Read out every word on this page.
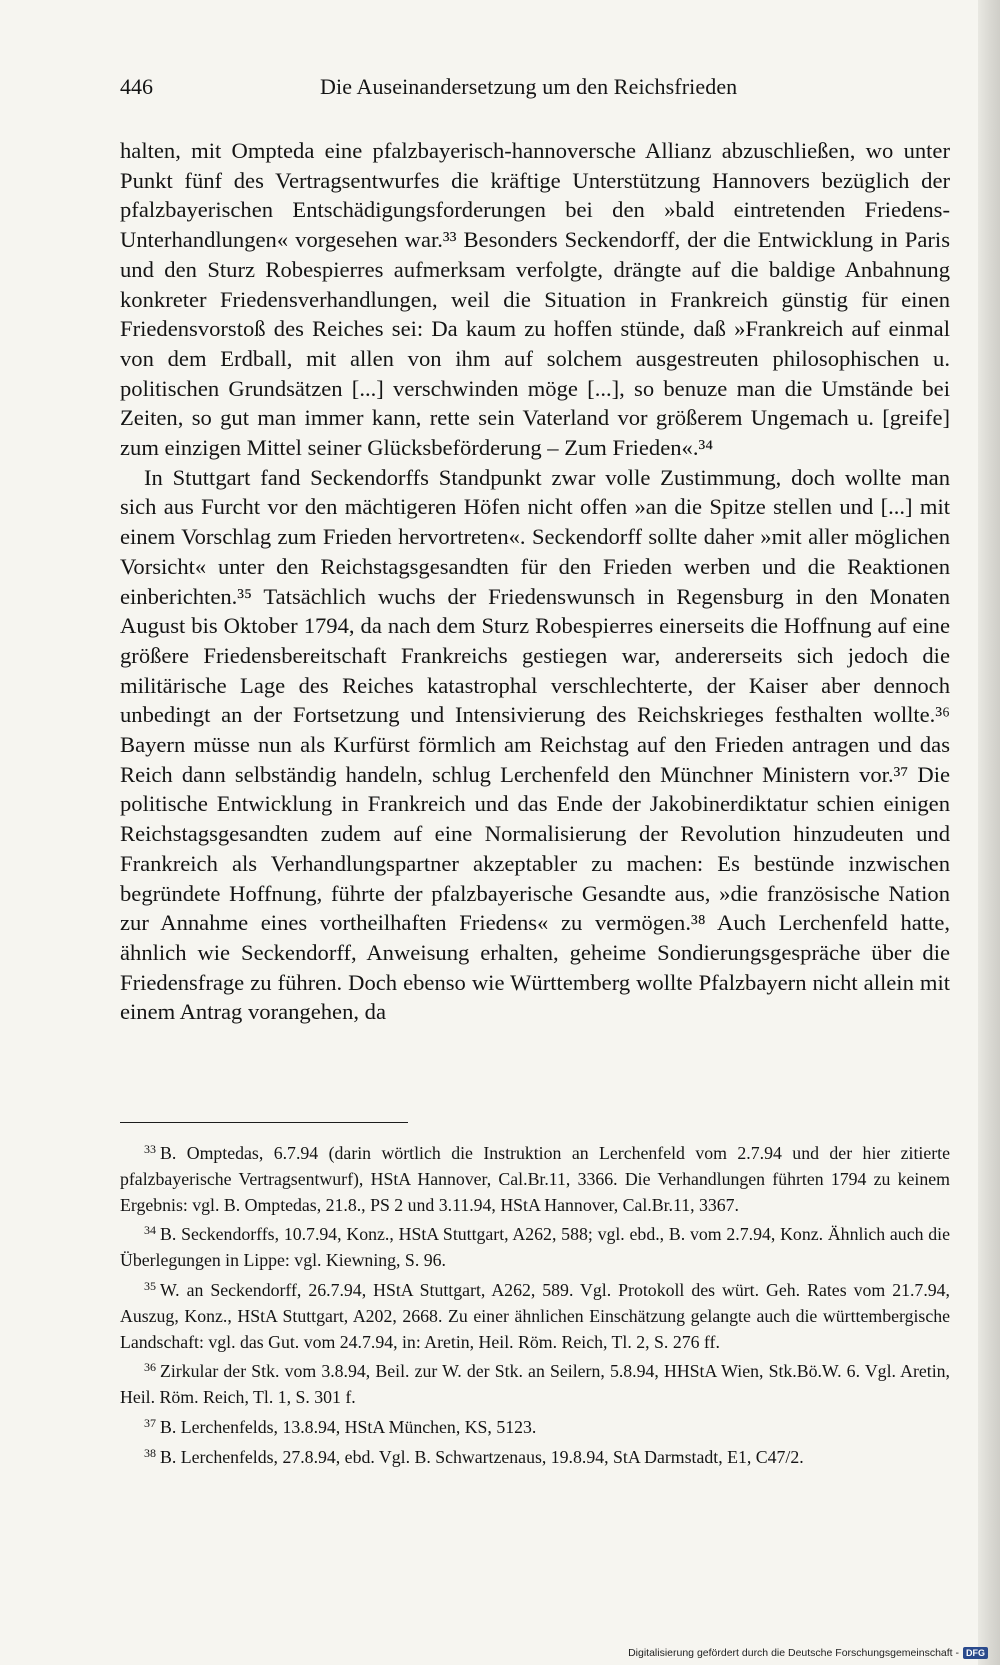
446	Die Auseinandersetzung um den Reichsfrieden

halten, mit Ompteda eine pfalzbayerisch-hannoversche Allianz abzuschließen, wo unter Punkt fünf des Vertragsentwurfes die kräftige Unterstützung Hannovers bezüglich der pfalzbayerischen Entschädigungsforderungen bei den »bald eintretenden Friedens-Unterhandlungen« vorgesehen war.³³ Besonders Seckendorff, der die Entwicklung in Paris und den Sturz Robespierres aufmerksam verfolgte, drängte auf die baldige Anbahnung konkreter Friedensverhandlungen, weil die Situation in Frankreich günstig für einen Friedensvorstoß des Reiches sei: Da kaum zu hoffen stünde, daß »Frankreich auf einmal von dem Erdball, mit allen von ihm auf solchem ausgestreuten philosophischen u. politischen Grundsätzen [...] verschwinden möge [...], so benuze man die Umstände bei Zeiten, so gut man immer kann, rette sein Vaterland vor größerem Ungemach u. [greife] zum einzigen Mittel seiner Glücksbeförderung – Zum Frieden«.³⁴

In Stuttgart fand Seckendorffs Standpunkt zwar volle Zustimmung, doch wollte man sich aus Furcht vor den mächtigeren Höfen nicht offen »an die Spitze stellen und [...] mit einem Vorschlag zum Frieden hervortreten«. Seckendorff sollte daher »mit aller möglichen Vorsicht« unter den Reichstagsgesandten für den Frieden werben und die Reaktionen einberichten.³⁵ Tatsächlich wuchs der Friedenswunsch in Regensburg in den Monaten August bis Oktober 1794, da nach dem Sturz Robespierres einerseits die Hoffnung auf eine größere Friedensbereitschaft Frankreichs gestiegen war, andererseits sich jedoch die militärische Lage des Reiches katastrophal verschlechterte, der Kaiser aber dennoch unbedingt an der Fortsetzung und Intensivierung des Reichskrieges festhalten wollte.³⁶ Bayern müsse nun als Kurfürst förmlich am Reichstag auf den Frieden antragen und das Reich dann selbständig handeln, schlug Lerchenfeld den Münchner Ministern vor.³⁷ Die politische Entwicklung in Frankreich und das Ende der Jakobinerdiktatur schien einigen Reichstagsgesandten zudem auf eine Normalisierung der Revolution hinzudeuten und Frankreich als Verhandlungspartner akzeptabler zu machen: Es bestünde inzwischen begründete Hoffnung, führte der pfalzbayerische Gesandte aus, »die französische Nation zur Annahme eines vortheilhaften Friedens« zu vermögen.³⁸ Auch Lerchenfeld hatte, ähnlich wie Seckendorff, Anweisung erhalten, geheime Sondierungsgespräche über die Friedensfrage zu führen. Doch ebenso wie Württemberg wollte Pfalzbayern nicht allein mit einem Antrag vorangehen, da

$^{33}$ B. Omptedas, 6.7.94 (darin wörtlich die Instruktion an Lerchenfeld vom 2.7.94 und der hier zitierte pfalzbayerische Vertragsentwurf), HStA Hannover, Cal.Br.11, 3366. Die Verhandlungen führten 1794 zu keinem Ergebnis: vgl. B. Omptedas, 21.8., PS 2 und 3.11.94, HStA Hannover, Cal.Br.11, 3367.

$^{34}$ B. Seckendorffs, 10.7.94, Konz., HStA Stuttgart, A262, 588; vgl. ebd., B. vom 2.7.94, Konz. Ähnlich auch die Überlegungen in Lippe: vgl. Kiewning, S. 96.

$^{35}$ W. an Seckendorff, 26.7.94, HStA Stuttgart, A262, 589. Vgl. Protokoll des würt. Geh. Rates vom 21.7.94, Auszug, Konz., HStA Stuttgart, A202, 2668. Zu einer ähnlichen Einschätzung gelangte auch die württembergische Landschaft: vgl. das Gut. vom 24.7.94, in: Aretin, Heil. Röm. Reich, Tl. 2, S. 276 ff.

$^{36}$ Zirkular der Stk. vom 3.8.94, Beil. zur W. der Stk. an Seilern, 5.8.94, HHStA Wien, Stk.Bö.W. 6. Vgl. Aretin, Heil. Röm. Reich, Tl. 1, S. 301 f.

$^{37}$ B. Lerchenfelds, 13.8.94, HStA München, KS, 5123.

$^{38}$ B. Lerchenfelds, 27.8.94, ebd. Vgl. B. Schwartzenaus, 19.8.94, StA Darmstadt, E1, C47/2.

Digitalisierung gefördert durch die Deutsche Forschungsgemeinschaft - DFG
